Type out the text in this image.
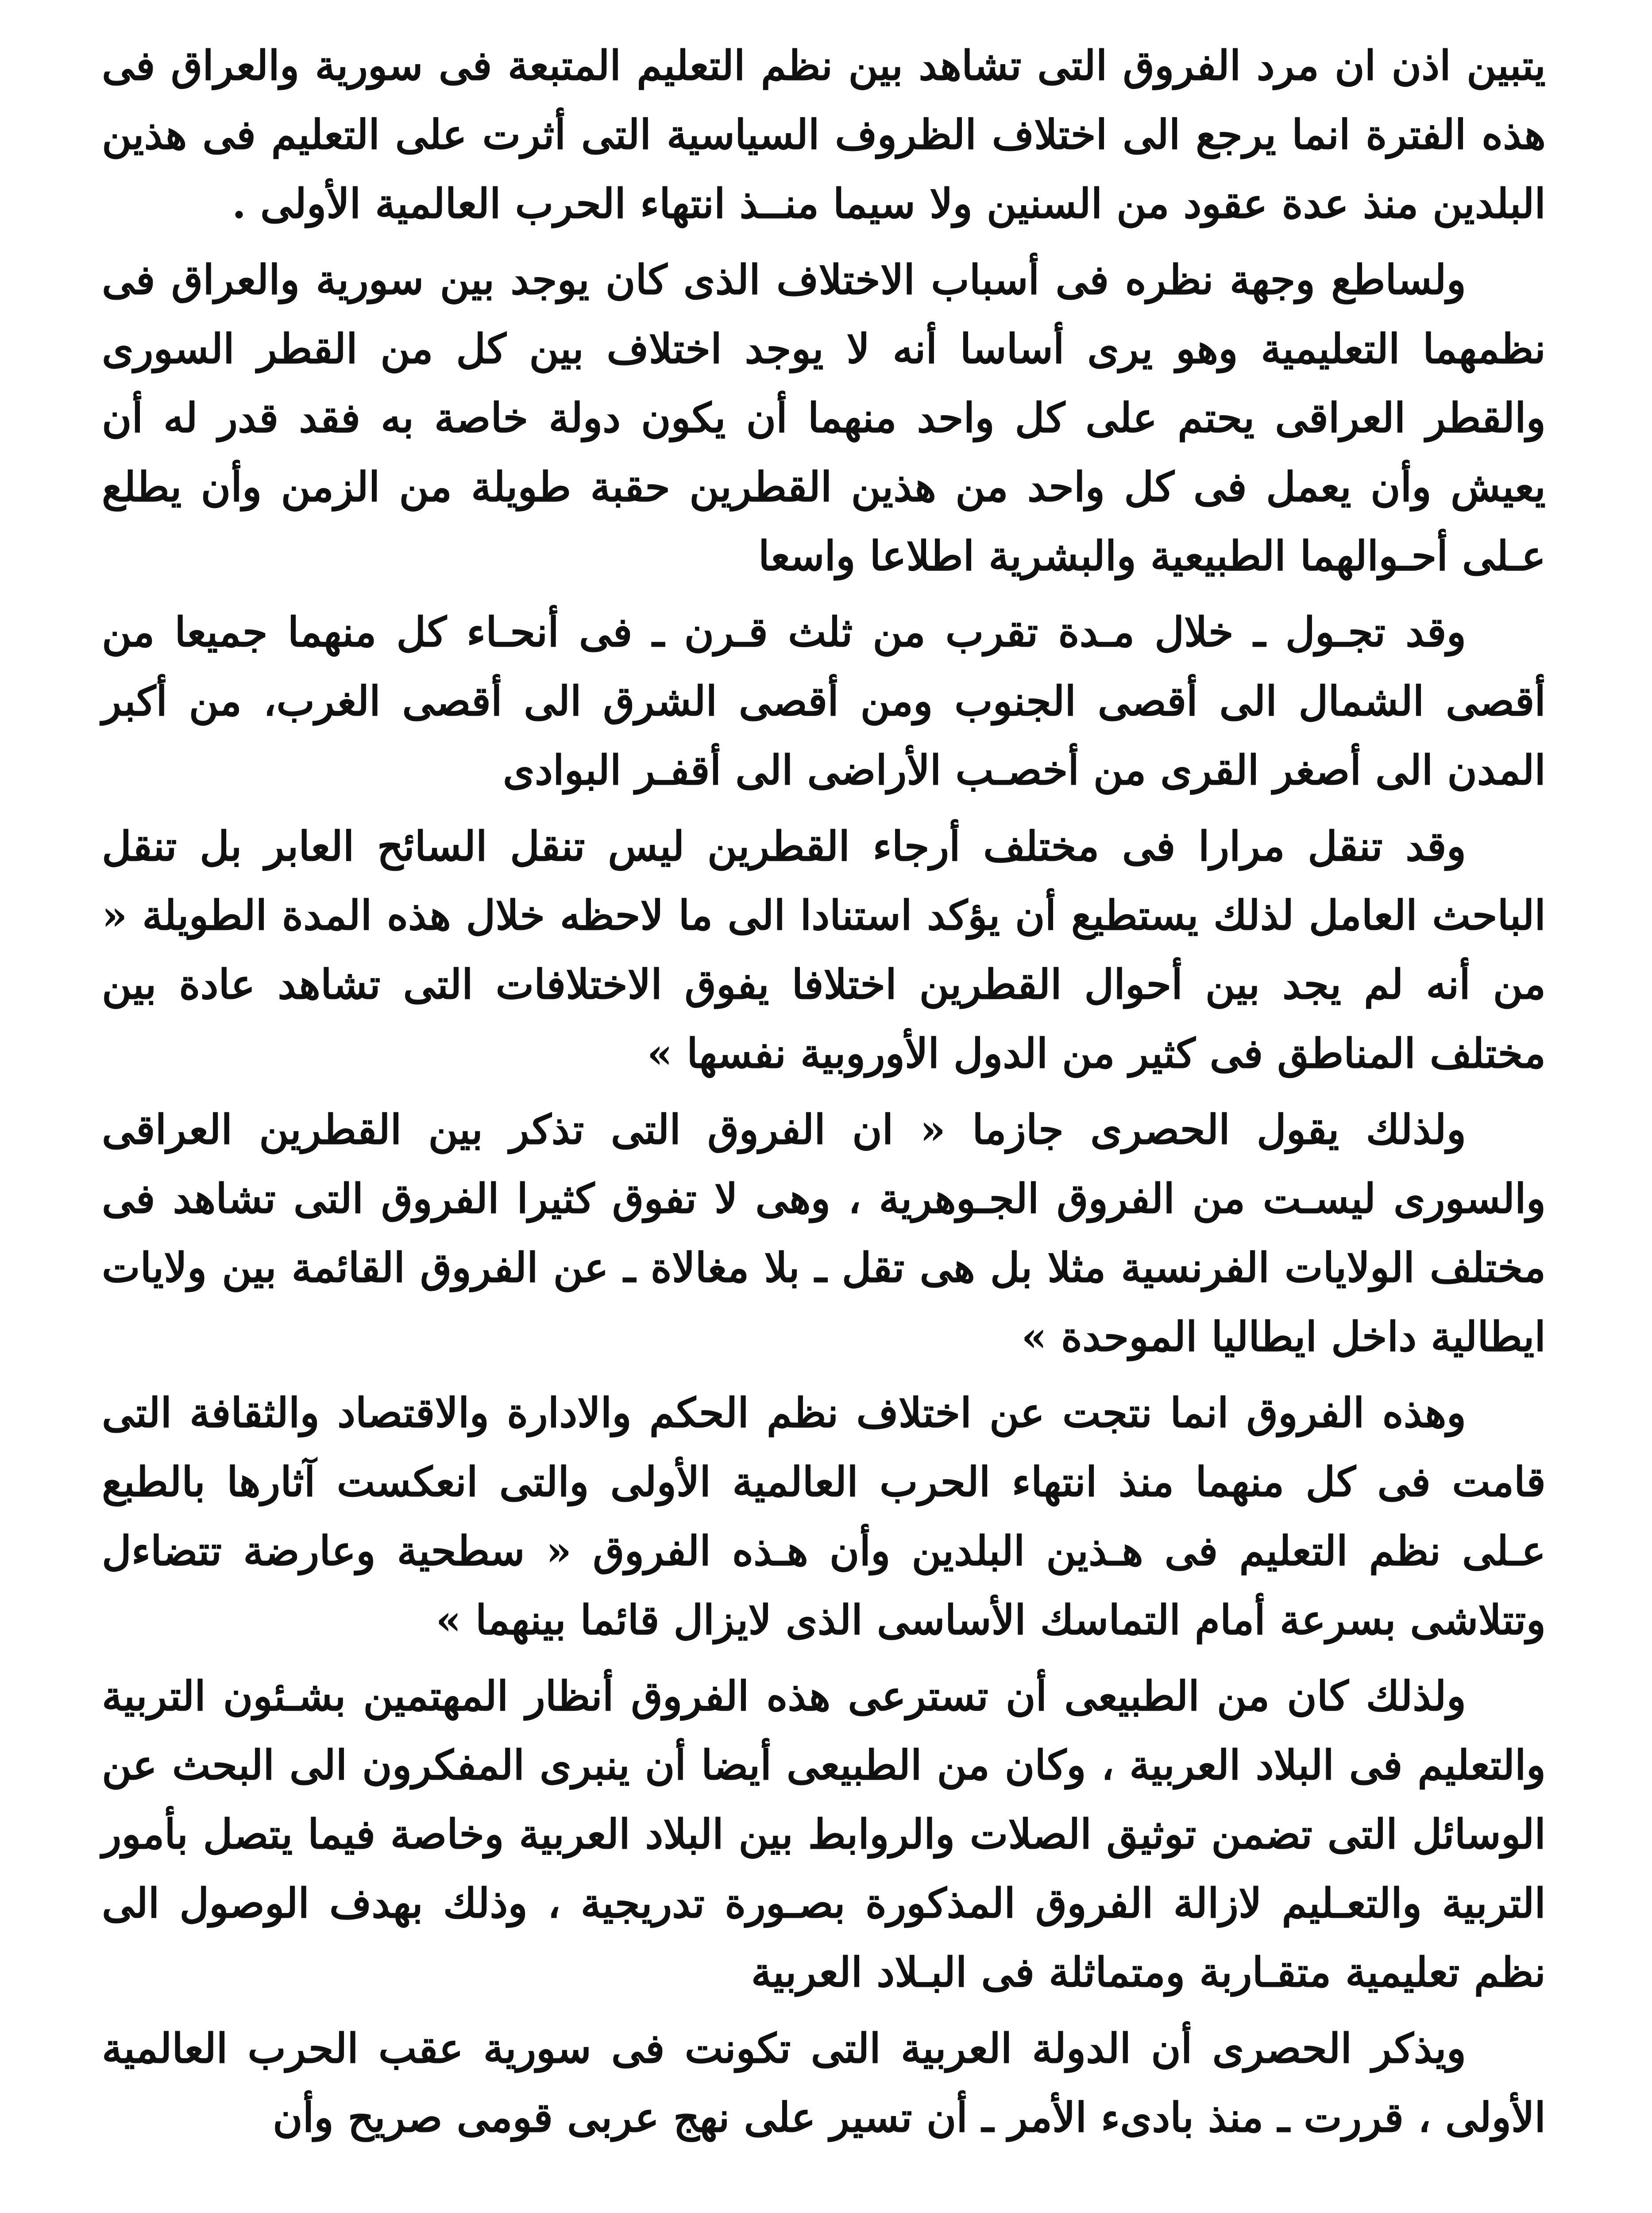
يتبين اذن ان مرد الفروق التى تشاهد بين نظم التعليم المتبعة فى سورية والعراق فى هذه الفترة انما يرجع الى اختلاف الظروف السياسية التى أثرت على التعليم فى هذين البلدين منذ عدة عقود من السنين ولا سيما منــذ انتهاء الحرب العالمية الأولى .

ولساطع وجهة نظره فى أسباب الاختلاف الذى كان يوجد بين سورية والعراق فى نظمهما التعليمية وهو يرى أساسا أنه لا يوجد اختلاف بين كل من القطر السورى والقطر العراقى يحتم على كل واحد منهما أن يكون دولة خاصة به فقد قدر له أن يعيش وأن يعمل فى كل واحد من هذين القطرين حقبة طويلة من الزمن وأن يطلع عـلى أحـوالهما الطبيعية والبشرية اطلاعا واسعا

وقد تجـول ـ خلال مـدة تقرب من ثلث قـرن ـ فى أنحـاء كل منهما جميعا من أقصى الشمال الى أقصى الجنوب ومن أقصى الشرق الى أقصى الغرب، من أكبر المدن الى أصغر القرى من أخصـب الأراضى الى أقفـر البوادى

وقد تنقل مرارا فى مختلف أرجاء القطرين ليس تنقل السائح العابر بل تنقل الباحث العامل لذلك يستطيع أن يؤكد استنادا الى ما لاحظه خلال هذه المدة الطويلة « من أنه لم يجد بين أحوال القطرين اختلافا يفوق الاختلافات التى تشاهد عادة بين مختلف المناطق فى كثير من الدول الأوروبية نفسها »

ولذلك يقول الحصرى جازما « ان الفروق التى تذكر بين القطرين العراقى والسورى ليسـت من الفروق الجـوهرية ، وهى لا تفوق كثيرا الفروق التى تشاهد فى مختلف الولايات الفرنسية مثلا بل هى تقل ـ بلا مغالاة ـ عن الفروق القائمة بين ولايات ايطالية داخل ايطاليا الموحدة »

وهذه الفروق انما نتجت عن اختلاف نظم الحكم والادارة والاقتصاد والثقافة التى قامت فى كل منهما منذ انتهاء الحرب العالمية الأولى والتى انعكست آثارها بالطبع عـلى نظم التعليم فى هـذين البلدين وأن هـذه الفروق « سطحية وعارضة تتضاءل وتتلاشى بسرعة أمام التماسك الأساسى الذى لايزال قائما بينهما »

ولذلك كان من الطبيعى أن تسترعى هذه الفروق أنظار المهتمين بشـئون التربية والتعليم فى البلاد العربية ، وكان من الطبيعى أيضا أن ينبرى المفكرون الى البحث عن الوسائل التى تضمن توثيق الصلات والروابط بين البلاد العربية وخاصة فيما يتصل بأمور التربية والتعـليم لازالة الفروق المذكورة بصـورة تدريجية ، وذلك بهدف الوصول الى نظم تعليمية متقـاربة ومتماثلة فى البـلاد العربية

ويذكر الحصرى أن الدولة العربية التى تكونت فى سورية عقب الحرب العالمية الأولى ، قررت ـ منذ بادىء الأمر ـ أن تسير على نهج عربى قومى صريح وأن
